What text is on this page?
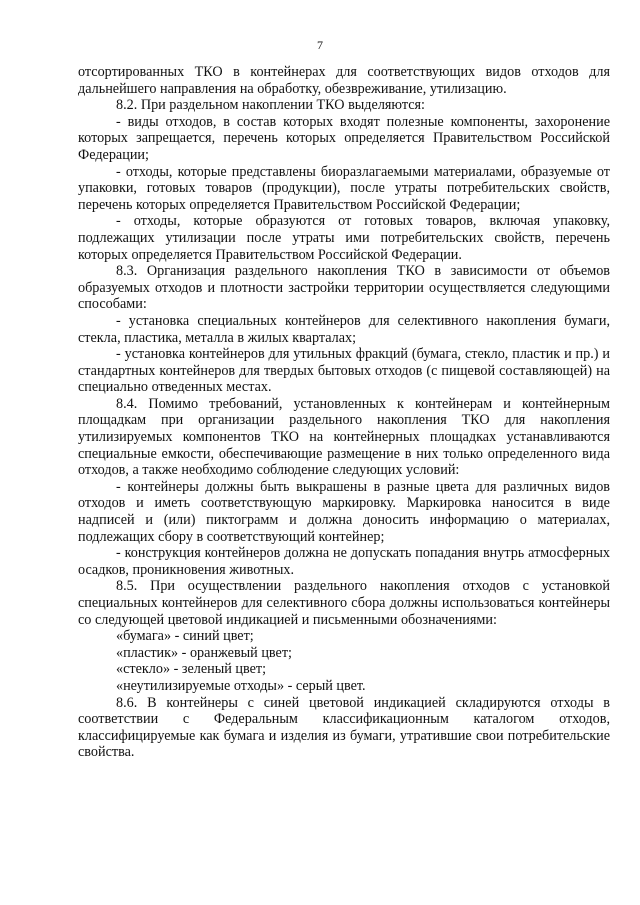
7

отсортированных ТКО в контейнерах для соответствующих видов отходов для дальнейшего направления на обработку, обезвреживание, утилизацию.

8.2. При раздельном накоплении ТКО выделяются:

- виды отходов, в состав которых входят полезные компоненты, захоронение которых запрещается, перечень которых определяется Правительством Российской Федерации;

- отходы, которые представлены биоразлагаемыми материалами, образуемые от упаковки, готовых товаров (продукции), после утраты потребительских свойств, перечень которых определяется Правительством Российской Федерации;

- отходы, которые образуются от готовых товаров, включая упаковку, подлежащих утилизации после утраты ими потребительских свойств, перечень которых определяется Правительством Российской Федерации.

8.3. Организация раздельного накопления ТКО в зависимости от объемов образуемых отходов и плотности застройки территории осуществляется следующими способами:

- установка специальных контейнеров для селективного накопления бумаги, стекла, пластика, металла в жилых кварталах;

- установка контейнеров для утильных фракций (бумага, стекло, пластик и пр.) и стандартных контейнеров для твердых бытовых отходов (с пищевой составляющей) на специально отведенных местах.

8.4. Помимо требований, установленных к контейнерам и контейнерным площадкам при организации раздельного накопления ТКО для накопления утилизируемых компонентов ТКО на контейнерных площадках устанавливаются специальные емкости, обеспечивающие размещение в них только определенного вида отходов, а также необходимо соблюдение следующих условий:

- контейнеры должны быть выкрашены в разные цвета для различных видов отходов и иметь соответствующую маркировку. Маркировка наносится в виде надписей и (или) пиктограмм и должна доносить информацию о материалах, подлежащих сбору в соответствующий контейнер;

- конструкция контейнеров должна не допускать попадания внутрь атмосферных осадков, проникновения животных.

8.5. При осуществлении раздельного накопления отходов с установкой специальных контейнеров для селективного сбора должны использоваться контейнеры со следующей цветовой индикацией и письменными обозначениями:

«бумага» - синий цвет;

«пластик» - оранжевый цвет;

«стекло» - зеленый цвет;

«неутилизируемые отходы» - серый цвет.

8.6. В контейнеры с синей цветовой индикацией складируются отходы в соответствии с Федеральным классификационным каталогом отходов, классифицируемые как бумага и изделия из бумаги, утратившие свои потребительские свойства.
